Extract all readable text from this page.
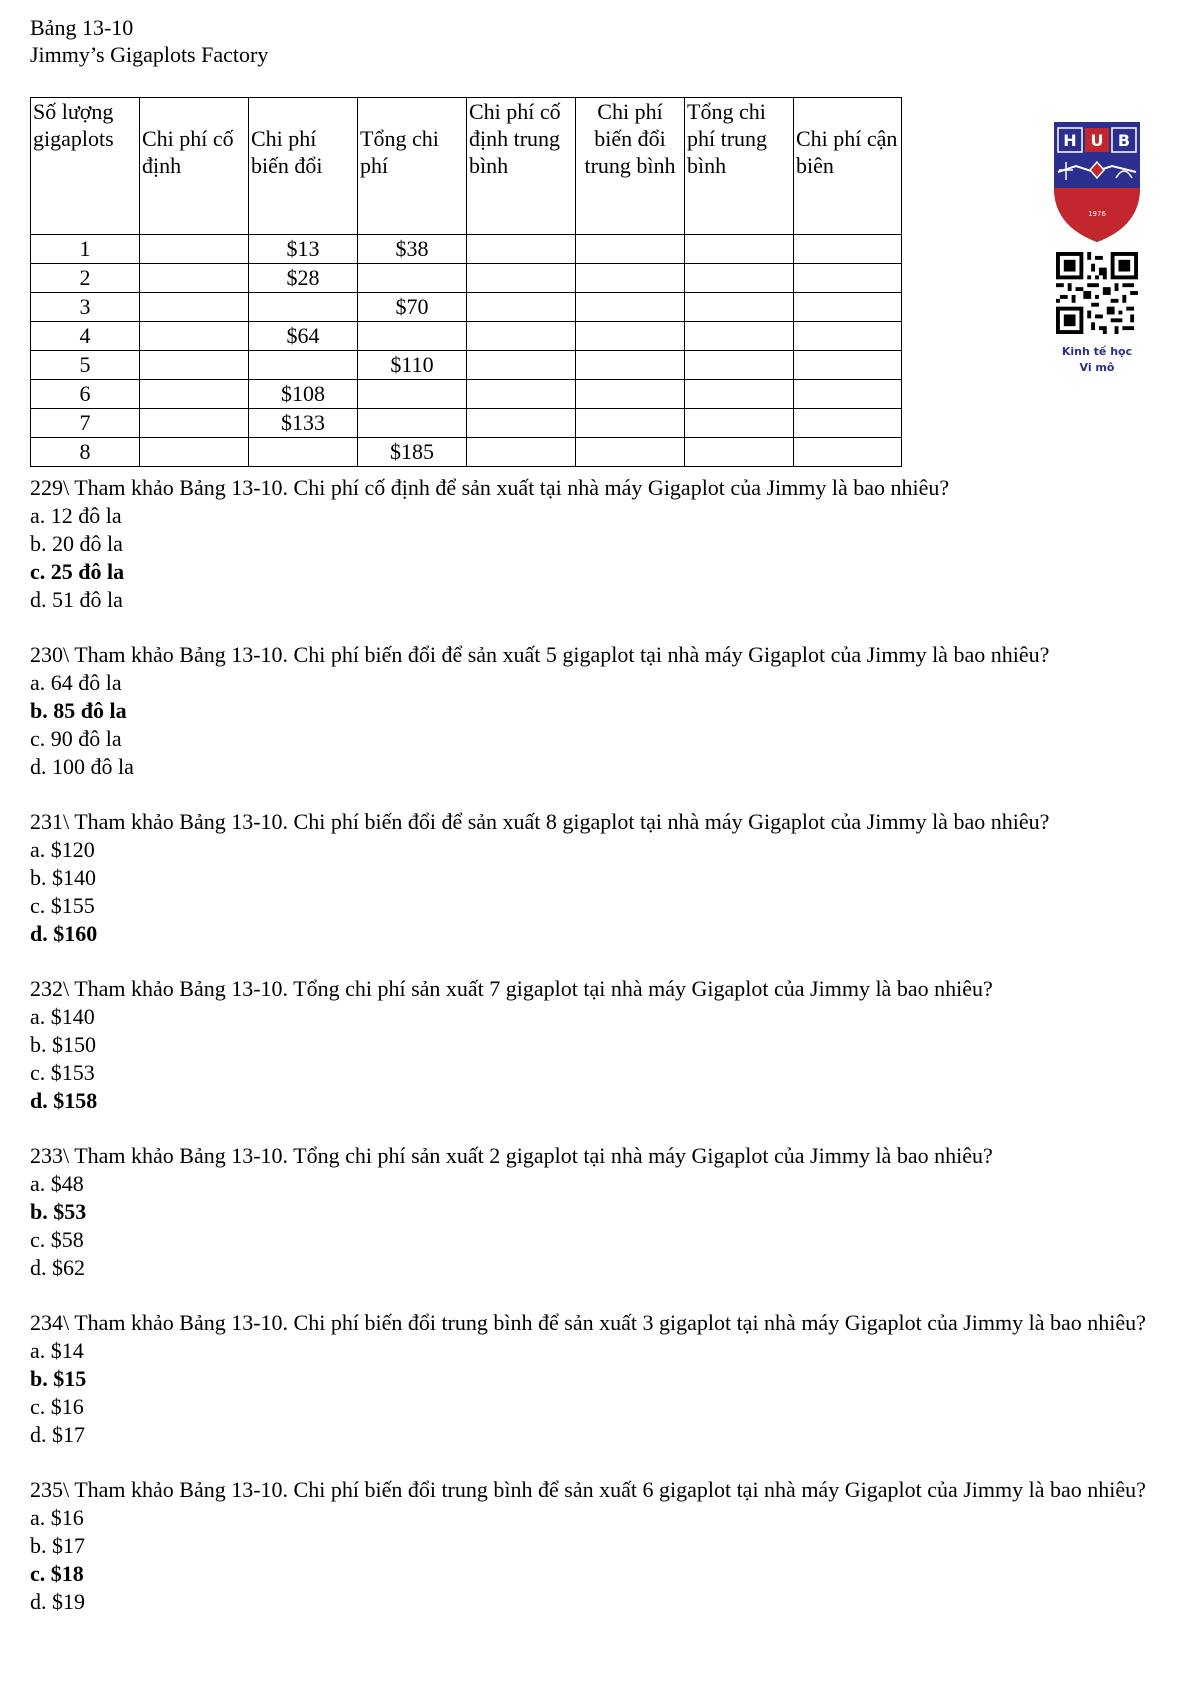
Bảng 13-10
Jimmy’s Gigaplots Factory
Số lượng gigaplots	Chi phí cố định	Chi phí biến đổi	Tổng chi phí	Chi phí cố định trung bình	Chi phí biến đổi trung bình	Tổng chi phí trung bình	Chi phí cận biên
1		$13	$38				
2		$28					
3			$70				
4		$64					
5			$110				
6		$108					
7		$133					
8			$185				
H U B
1976
Kinh tế học
Vi mô
229\ Tham khảo Bảng 13-10. Chi phí cố định để sản xuất tại nhà máy Gigaplot của Jimmy là bao nhiêu?
a. 12 đô la
b. 20 đô la
c. 25 đô la
d. 51 đô la
230\ Tham khảo Bảng 13-10. Chi phí biến đổi để sản xuất 5 gigaplot tại nhà máy Gigaplot của Jimmy là bao nhiêu?
a. 64 đô la
b. 85 đô la
c. 90 đô la
d. 100 đô la
231\ Tham khảo Bảng 13-10. Chi phí biến đổi để sản xuất 8 gigaplot tại nhà máy Gigaplot của Jimmy là bao nhiêu?
a. $120
b. $140
c. $155
d. $160
232\ Tham khảo Bảng 13-10. Tổng chi phí sản xuất 7 gigaplot tại nhà máy Gigaplot của Jimmy là bao nhiêu?
a. $140
b. $150
c. $153
d. $158
233\ Tham khảo Bảng 13-10. Tổng chi phí sản xuất 2 gigaplot tại nhà máy Gigaplot của Jimmy là bao nhiêu?
a. $48
b. $53
c. $58
d. $62
234\ Tham khảo Bảng 13-10. Chi phí biến đổi trung bình để sản xuất 3 gigaplot tại nhà máy Gigaplot của Jimmy là bao nhiêu?
a. $14
b. $15
c. $16
d. $17
235\ Tham khảo Bảng 13-10. Chi phí biến đổi trung bình để sản xuất 6 gigaplot tại nhà máy Gigaplot của Jimmy là bao nhiêu?
a. $16
b. $17
c. $18
d. $19
